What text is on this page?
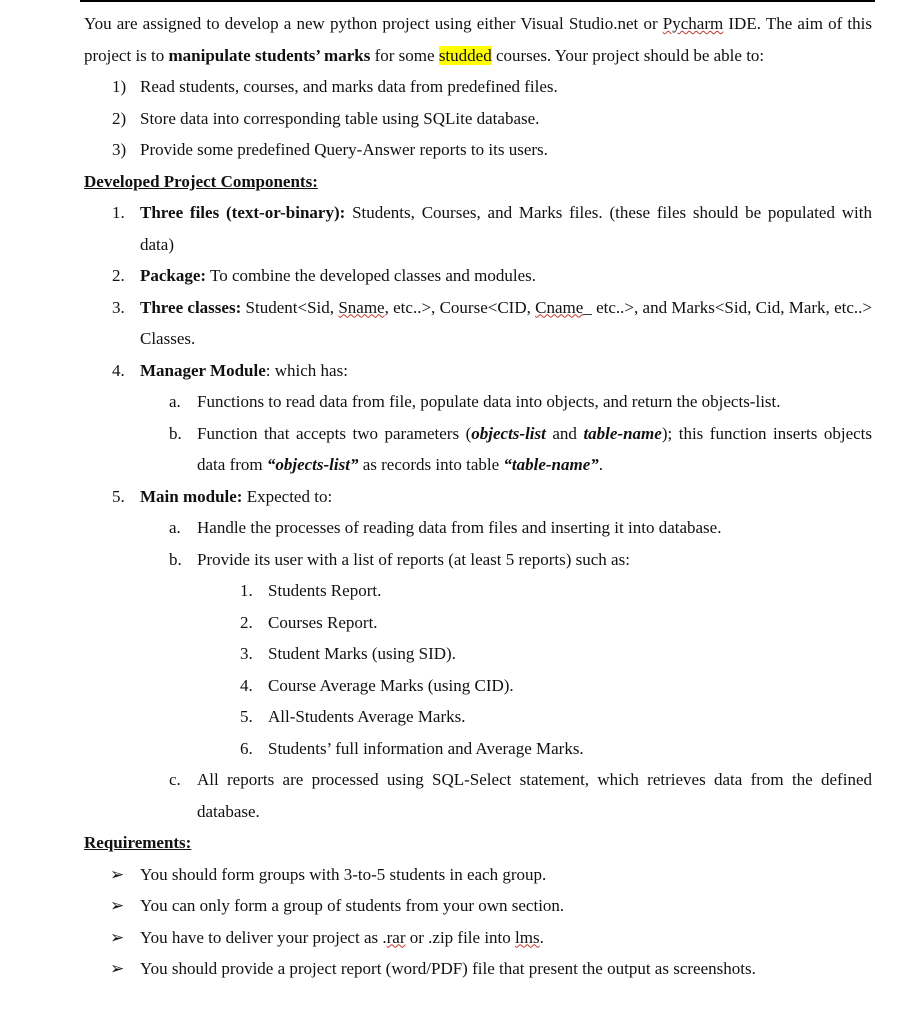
You are assigned to develop a new python project using either Visual Studio.net or Pycharm IDE. The aim of this project is to manipulate students’ marks for some studded courses. Your project should be able to:

1) Read students, courses, and marks data from predefined files.
2) Store data into corresponding table using SQLite database.
3) Provide some predefined Query-Answer reports to its users.
Developed Project Components:
1. Three files (text-or-binary): Students, Courses, and Marks files. (these files should be populated with data)
2. Package: To combine the developed classes and modules.
3. Three classes: Student<Sid, Sname, etc..>, Course<CID, Cname_ etc..>, and Marks<Sid, Cid, Mark, etc..> Classes.
4. Manager Module: which has:
a. Functions to read data from file, populate data into objects, and return the objects-list.
b. Function that accepts two parameters (objects-list and table-name); this function inserts objects data from “objects-list” as records into table “table-name”.
5. Main module: Expected to:
a. Handle the processes of reading data from files and inserting it into database.
b. Provide its user with a list of reports (at least 5 reports) such as:
1. Students Report.
2. Courses Report.
3. Student Marks (using SID).
4. Course Average Marks (using CID).
5. All-Students Average Marks.
6. Students’ full information and Average Marks.
c. All reports are processed using SQL-Select statement, which retrieves data from the defined database.
Requirements:
➢ You should form groups with 3-to-5 students in each group.
➢ You can only form a group of students from your own section.
➢ You have to deliver your project as .rar or .zip file into lms.
➢ You should provide a project report (word/PDF) file that present the output as screenshots.
